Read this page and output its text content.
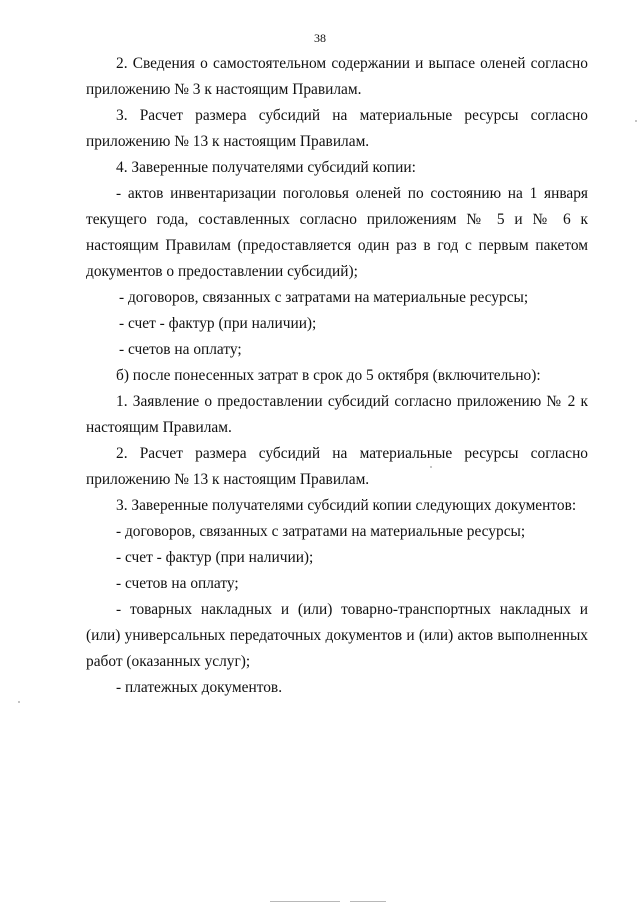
38

2. Сведения о самостоятельном содержании и выпасе оленей согласно приложению № 3 к настоящим Правилам.

3. Расчет размера субсидий на материальные ресурсы согласно приложению № 13 к настоящим Правилам.

4. Заверенные получателями субсидий копии:

- актов инвентаризации поголовья оленей по состоянию на 1 января текущего года, составленных согласно приложениям № 5 и № 6 к настоящим Правилам (предоставляется один раз в год с первым пакетом документов о предоставлении субсидий);

- договоров, связанных с затратами на материальные ресурсы;

- счет - фактур (при наличии);

- счетов на оплату;

б) после понесенных затрат в срок до 5 октября (включительно):

1. Заявление о предоставлении субсидий согласно приложению № 2 к настоящим Правилам.

2. Расчет размера субсидий на материальные ресурсы согласно приложению № 13 к настоящим Правилам.

3. Заверенные получателями субсидий копии следующих документов:

- договоров, связанных с затратами на материальные ресурсы;

- счет - фактур (при наличии);

- счетов на оплату;

- товарных накладных и (или) товарно-транспортных накладных и (или) универсальных передаточных документов и (или) актов выполненных работ (оказанных услуг);

- платежных документов.
